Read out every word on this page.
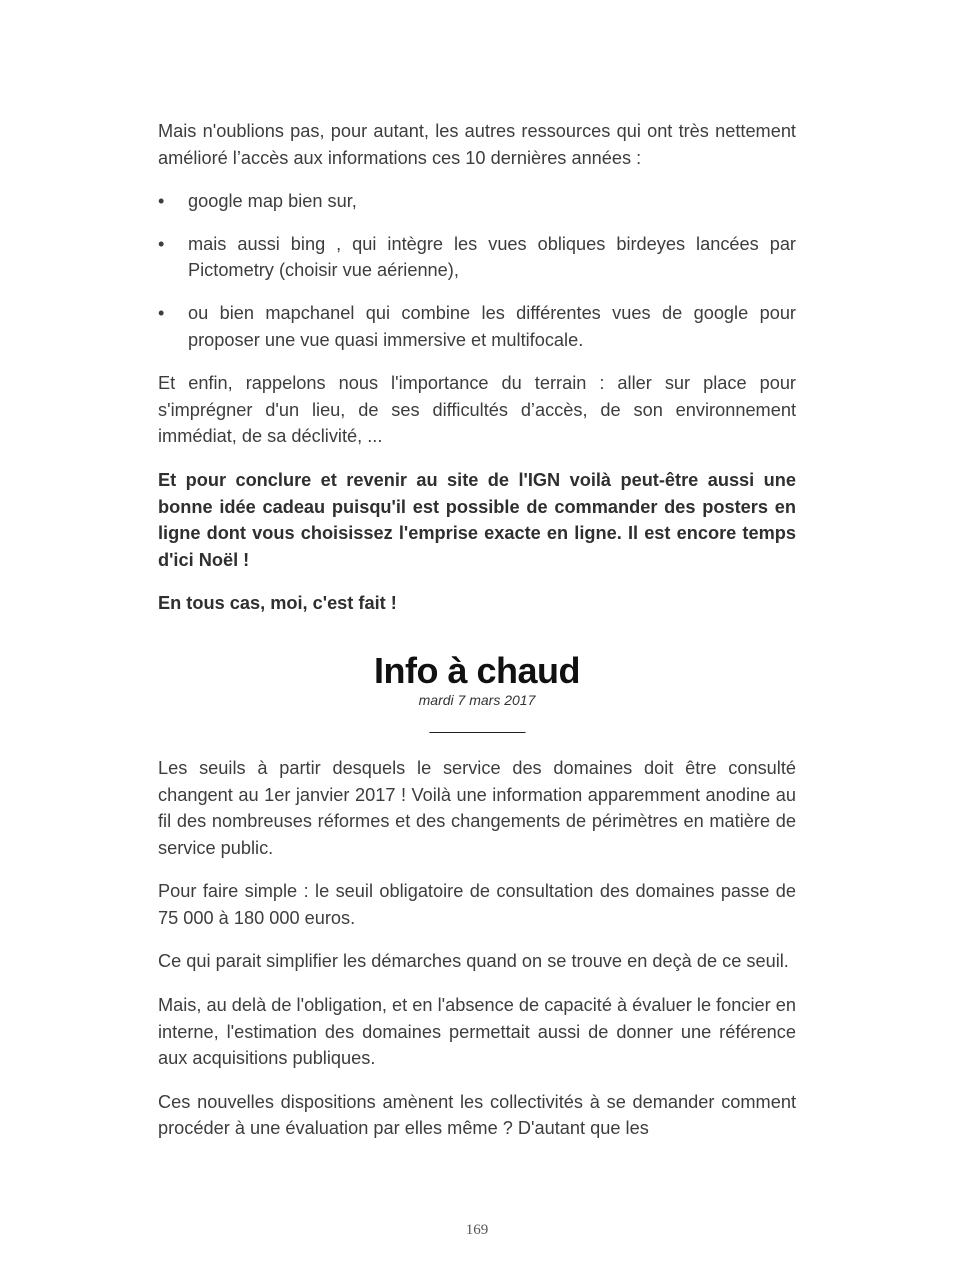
Mais n'oublions pas, pour autant, les autres ressources qui ont très nettement amélioré l’accès aux informations ces 10 dernières années :

• google map bien sur,
• mais aussi bing , qui intègre les vues obliques birdeyes lancées par Pictometry (choisir vue aérienne),
• ou bien mapchanel qui combine les différentes vues de google pour proposer une vue quasi immersive et multifocale.

Et enfin, rappelons nous l'importance du terrain : aller sur place pour s'imprégner d'un lieu, de ses difficultés d’accès, de son environnement immédiat, de sa déclivité, ...

Et pour conclure et revenir au site de l'IGN voilà peut-être aussi une bonne idée cadeau puisqu'il est possible de commander des posters en ligne dont vous choisissez l'emprise exacte en ligne. Il est encore temps d'ici Noël !

En tous cas, moi, c'est fait !

Info à chaud
mardi 7 mars 2017
____________

Les seuils à partir desquels le service des domaines doit être consulté changent au 1er janvier 2017 ! Voilà une information apparemment anodine au fil des nombreuses réformes et des changements de périmètres en matière de service public.

Pour faire simple : le seuil obligatoire de consultation des domaines passe de 75 000 à 180 000 euros.

Ce qui parait simplifier les démarches quand on se trouve en deçà de ce seuil.

Mais, au delà de l'obligation, et en l'absence de capacité à évaluer le foncier en interne, l'estimation des domaines permettait aussi de donner une référence aux acquisitions publiques.

Ces nouvelles dispositions amènent les collectivités à se demander comment procéder à une évaluation par elles même ? D'autant que les

169
